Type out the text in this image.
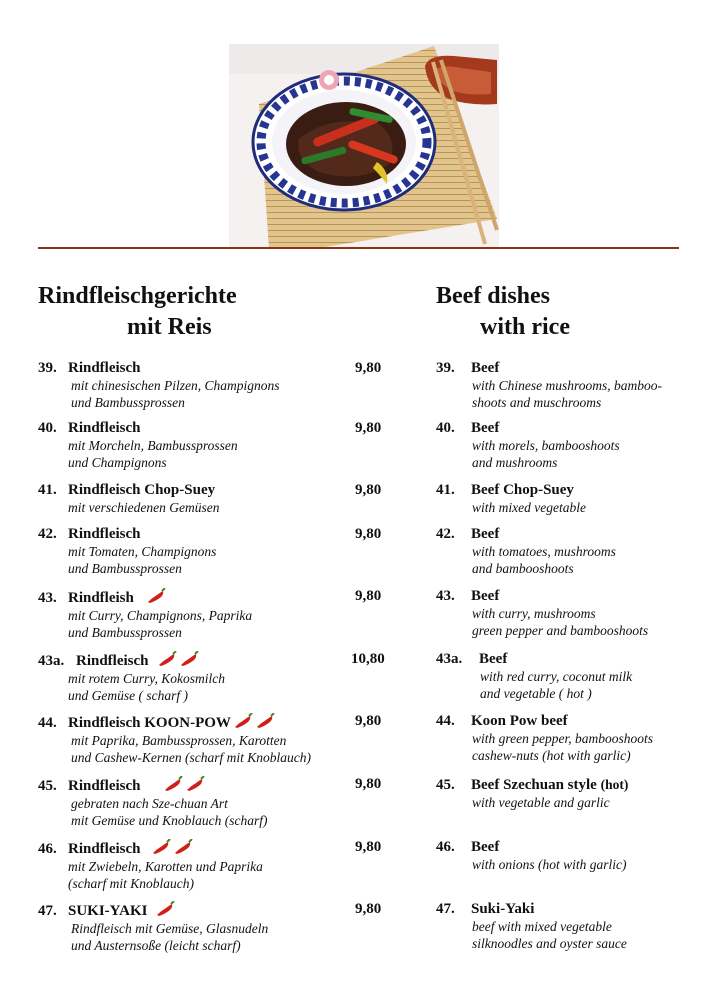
Rindfleischgerichte
mit Reis
Beef dishes
with rice
39. Rindfleisch	9,80
mit chinesischen Pilzen, Champignons
und Bambussprossen
40. Rindfleisch	9,80
mit Morcheln, Bambussprossen
und Champignons
41. Rindfleisch Chop-Suey	9,80
mit verschiedenen Gemüsen
42. Rindfleisch	9,80
mit Tomaten, Champignons
und Bambussprossen
43. Rindfleish	9,80
mit Curry, Champignons, Paprika
und Bambussprossen
43a. Rindfleisch	10,80
mit rotem Curry, Kokosmilch
und Gemüse ( scharf )
44. Rindfleisch KOON-POW	9,80
mit Paprika, Bambussprossen, Karotten
und Cashew-Kernen (scharf mit Knoblauch)
45. Rindfleisch	9,80
gebraten nach Sze-chuan Art
mit Gemüse und Knoblauch (scharf)
46. Rindfleisch	9,80
mit Zwiebeln, Karotten und Paprika
(scharf mit Knoblauch)
47. SUKI-YAKI	9,80
Rindfleisch mit Gemüse, Glasnudeln
und Austernsoße (leicht scharf)
39. Beef
with Chinese mushrooms, bamboo-
shoots and muschrooms
40. Beef
with morels, bambooshoots
and mushrooms
41. Beef Chop-Suey
with mixed vegetable
42. Beef
with tomatoes, mushrooms
and bambooshoots
43. Beef
with curry, mushrooms
green pepper and bambooshoots
43a. Beef
with red curry, coconut milk
and vegetable ( hot )
44. Koon Pow beef
with green pepper, bambooshoots
cashew-nuts (hot with garlic)
45. Beef Szechuan style (hot)
with vegetable and garlic
46. Beef
with onions (hot with garlic)
47. Suki-Yaki
beef with mixed vegetable
silknoodles and oyster sauce
